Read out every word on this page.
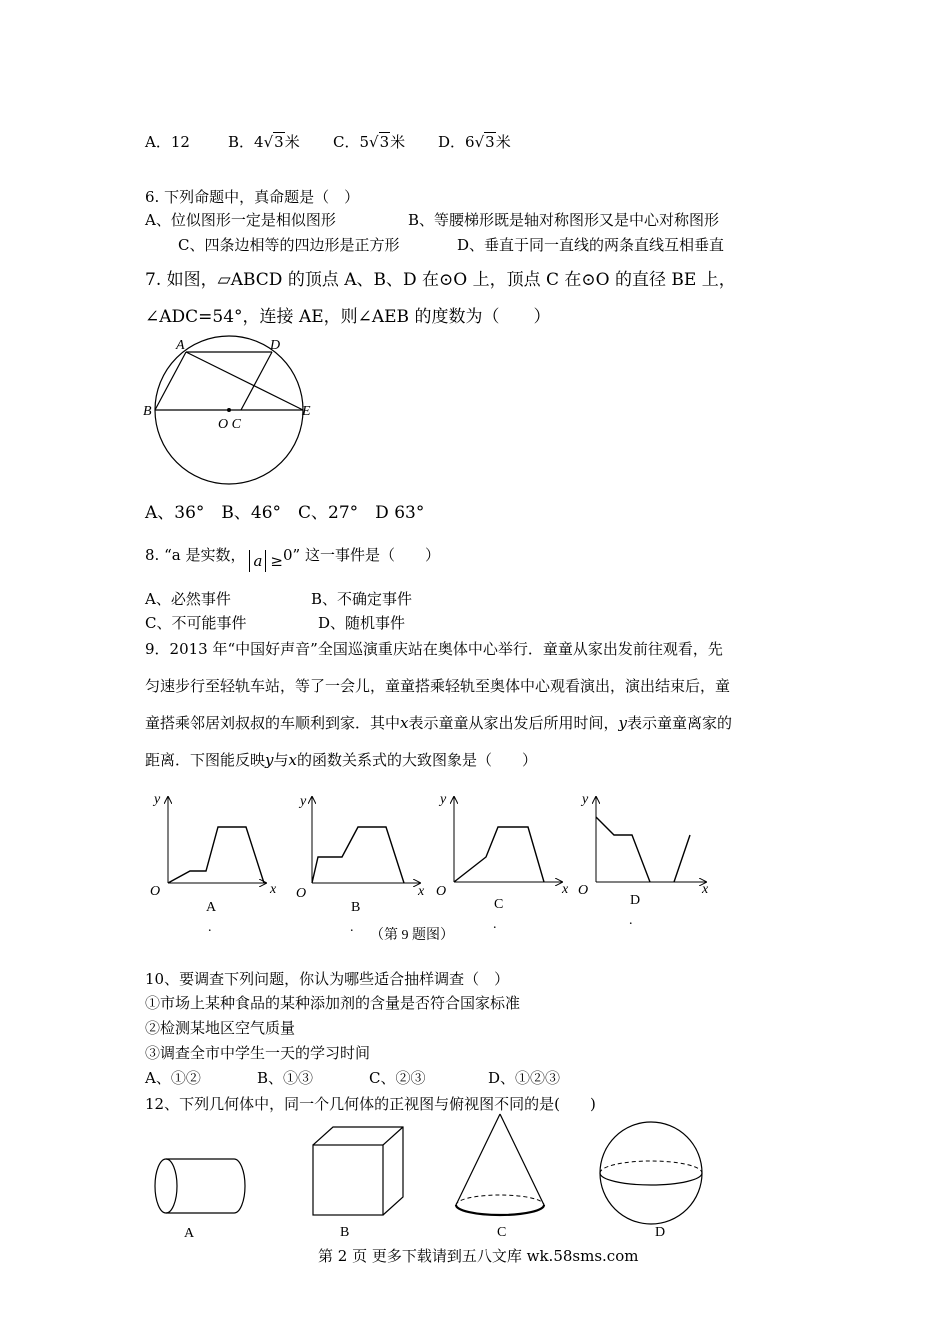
A．12	B．4√3米 C．5√3米 D．6√3米
6. 下列命题中，真命题是（　）
A、位似图形一定是相似图形	B、等腰梯形既是轴对称图形又是中心对称图形
C、四条边相等的四边形是正方形	D、垂直于同一直线的两条直线互相垂直
7. 如图，▱ABCD 的顶点 A、B、D 在⊙O 上，顶点 C 在⊙O 的直径 BE 上，
∠ADC=54°，连接 AE，则∠AEB 的度数为（　　）
A	D
B	E
O C
A、36°　B、46°　C、27°　D 63°
8. “a 是实数， a ≥0” 这一事件是（　　）
A、必然事件	B、不确定事件
C、不可能事件	D、随机事件
9．2013 年“中国好声音”全国巡演重庆站在奥体中心举行．童童从家出发前往观看，先
匀速步行至轻轨车站，等了一会儿，童童搭乘轻轨至奥体中心观看演出，演出结束后，童
童搭乘邻居刘叔叔的车顺利到家．其中x表示童童从家出发后所用时间，y表示童童离家的
距离．下图能反映y与x的函数关系式的大致图象是（　　）
y
x
O
A
.
y
x
O
B
.
y
x
O
C
.
y
x
O
D
.
（第 9 题图）
10、要调查下列问题，你认为哪些适合抽样调查（　）
①市场上某种食品的某种添加剂的含量是否符合国家标准
②检测某地区空气质量
③调查全市中学生一天的学习时间
A、①②	B、①③	C、②③	D、①②③
12、下列几何体中，同一个几何体的正视图与俯视图不同的是(　　)
A	B	C	D
第 2 页 更多下载请到五八文库 wk.58sms.com
